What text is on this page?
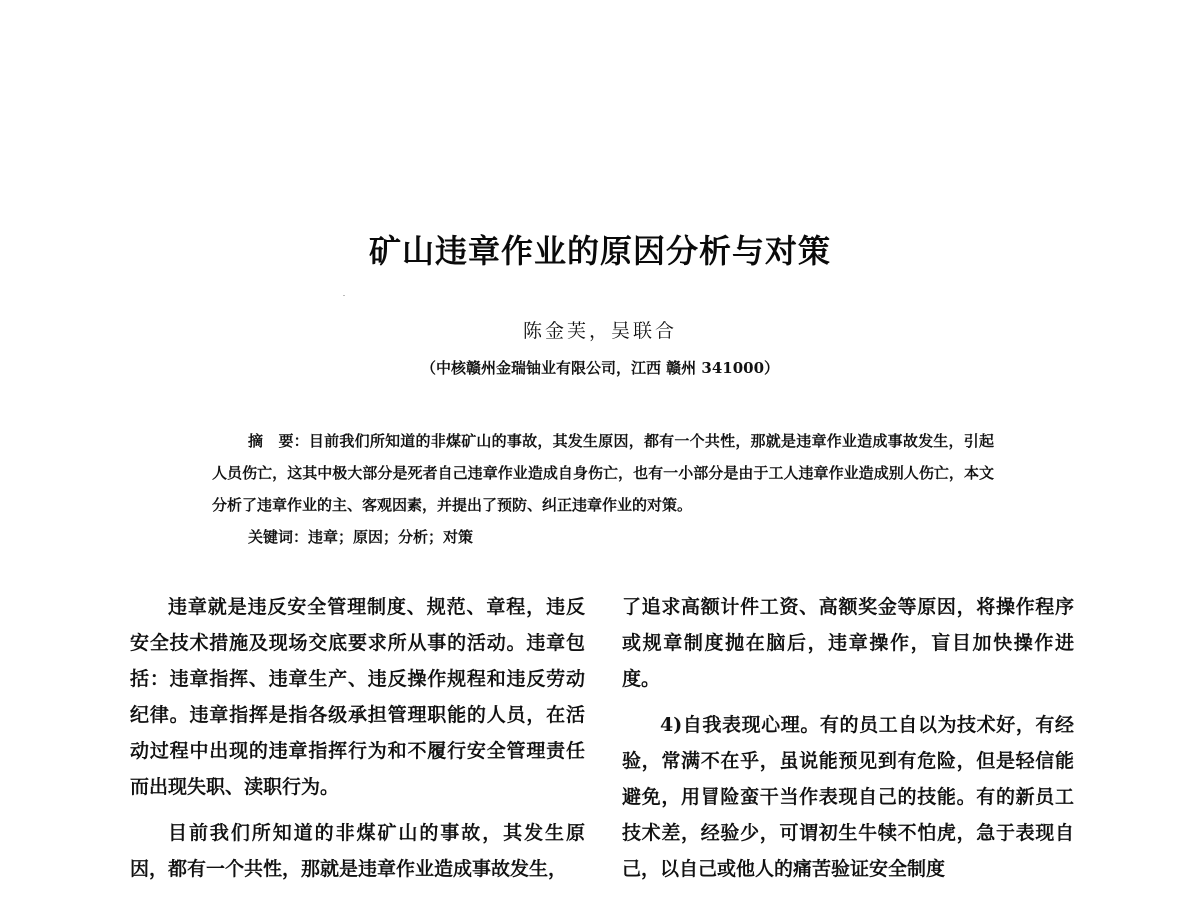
矿山违章作业的原因分析与对策
陈金芙，吴联合
（中核赣州金瑞铀业有限公司，江西 赣州 341000）

摘　要：目前我们所知道的非煤矿山的事故，其发生原因，都有一个共性，那就是违章作业造成事故发生，引起人员伤亡，这其中极大部分是死者自己违章作业造成自身伤亡，也有一小部分是由于工人违章作业造成别人伤亡，本文分析了违章作业的主、客观因素，并提出了预防、纠正违章作业的对策。

关键词：违章；原因；分析；对策

违章就是违反安全管理制度、规范、章程，违反安全技术措施及现场交底要求所从事的活动。违章包括：违章指挥、违章生产、违反操作规程和违反劳动纪律。违章指挥是指各级承担管理职能的人员，在活动过程中出现的违章指挥行为和不履行安全管理责任而出现失职、渎职行为。

目前我们所知道的非煤矿山的事故，其发生原因，都有一个共性，那就是违章作业造成事故发生，

了追求高额计件工资、高额奖金等原因，将操作程序或规章制度抛在脑后，违章操作，盲目加快操作进度。

4)自我表现心理。有的员工自以为技术好，有经验，常满不在乎，虽说能预见到有危险，但是轻信能避免，用冒险蛮干当作表现自己的技能。有的新员工技术差，经验少，可谓初生牛犊不怕虎，急于表现自己，以自己或他人的痛苦验证安全制度
